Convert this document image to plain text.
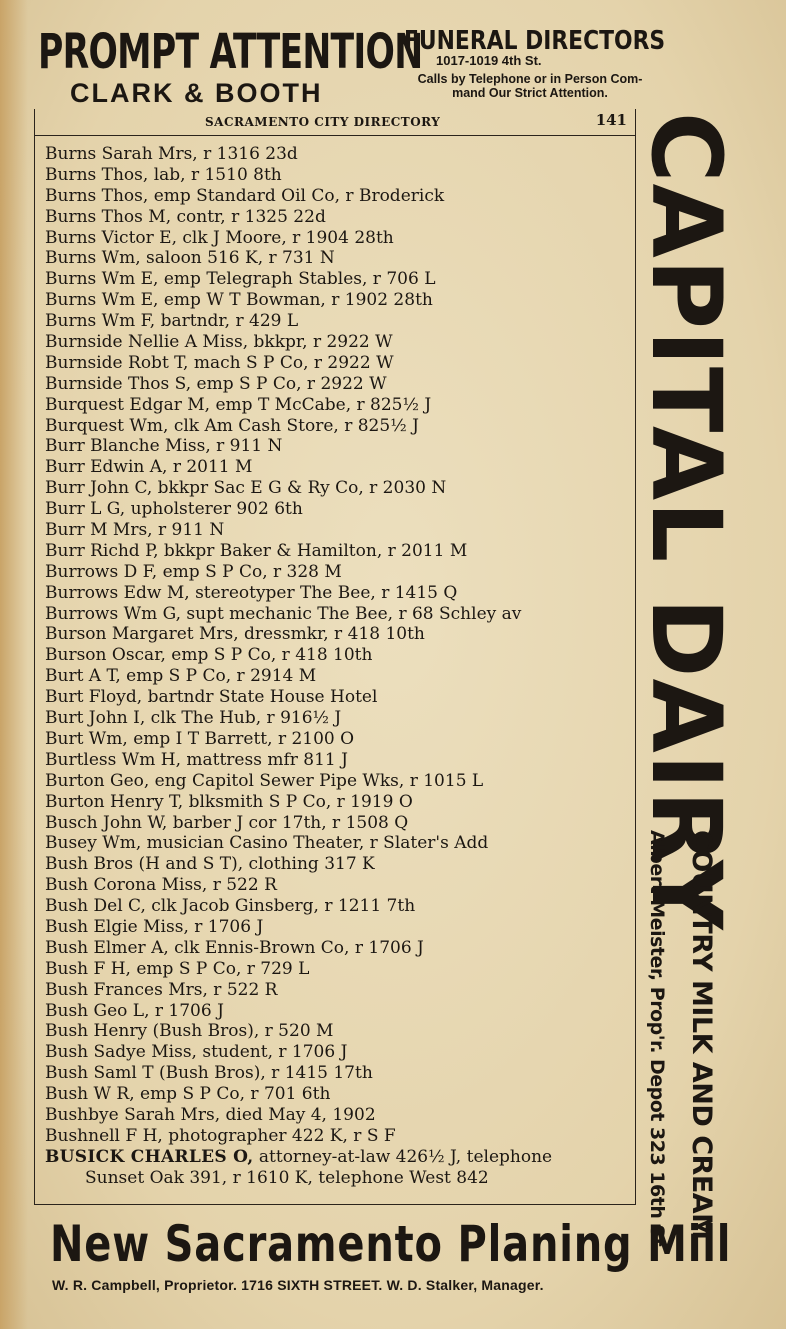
PROMPT ATTENTION
CLARK & BOOTH
FUNERAL DIRECTORS
1017-1019 4th St.
Calls by Telephone or in Person Com-
mand Our Strict Attention.
SACRAMENTO CITY DIRECTORY	141
Burns Sarah Mrs, r 1316 23d
Burns Thos, lab, r 1510 8th
Burns Thos, emp Standard Oil Co, r Broderick
Burns Thos M, contr, r 1325 22d
Burns Victor E, clk J Moore, r 1904 28th
Burns Wm, saloon 516 K, r 731 N
Burns Wm E, emp Telegraph Stables, r 706 L
Burns Wm E, emp W T Bowman, r 1902 28th
Burns Wm F, bartndr, r 429 L
Burnside Nellie A Miss, bkkpr, r 2922 W
Burnside Robt T, mach S P Co, r 2922 W
Burnside Thos S, emp S P Co, r 2922 W
Burquest Edgar M, emp T McCabe, r 825½ J
Burquest Wm, clk Am Cash Store, r 825½ J
Burr Blanche Miss, r 911 N
Burr Edwin A, r 2011 M
Burr John C, bkkpr Sac E G & Ry Co, r 2030 N
Burr L G, upholsterer 902 6th
Burr M Mrs, r 911 N
Burr Richd P, bkkpr Baker & Hamilton, r 2011 M
Burrows D F, emp S P Co, r 328 M
Burrows Edw M, stereotyper The Bee, r 1415 Q
Burrows Wm G, supt mechanic The Bee, r 68 Schley av
Burson Margaret Mrs, dressmkr, r 418 10th
Burson Oscar, emp S P Co, r 418 10th
Burt A T, emp S P Co, r 2914 M
Burt Floyd, bartndr State House Hotel
Burt John I, clk The Hub, r 916½ J
Burt Wm, emp I T Barrett, r 2100 O
Burtless Wm H, mattress mfr 811 J
Burton Geo, eng Capitol Sewer Pipe Wks, r 1015 L
Burton Henry T, blksmith S P Co, r 1919 O
Busch John W, barber J cor 17th, r 1508 Q
Busey Wm, musician Casino Theater, r Slater's Add
Bush Bros (H and S T), clothing 317 K
Bush Corona Miss, r 522 R
Bush Del C, clk Jacob Ginsberg, r 1211 7th
Bush Elgie Miss, r 1706 J
Bush Elmer A, clk Ennis-Brown Co, r 1706 J
Bush F H, emp S P Co, r 729 L
Bush Frances Mrs, r 522 R
Bush Geo L, r 1706 J
Bush Henry (Bush Bros), r 520 M
Bush Sadye Miss, student, r 1706 J
Bush Saml T (Bush Bros), r 1415 17th
Bush W R, emp S P Co, r 701 6th
Bushbye Sarah Mrs, died May 4, 1902
Bushnell F H, photographer 422 K, r S F
BUSICK CHARLES O, attorney-at-law 426½ J, telephone
Sunset Oak 391, r 1610 K, telephone West 842
CAPITAL DAIRY
COUNTRY MILK AND CREAM
Albert Meister, Prop'r. Depot 323 16th St.
New Sacramento Planing Mill
W. R. Campbell, Proprietor. 1716 SIXTH STREET. W. D. Stalker, Manager.
